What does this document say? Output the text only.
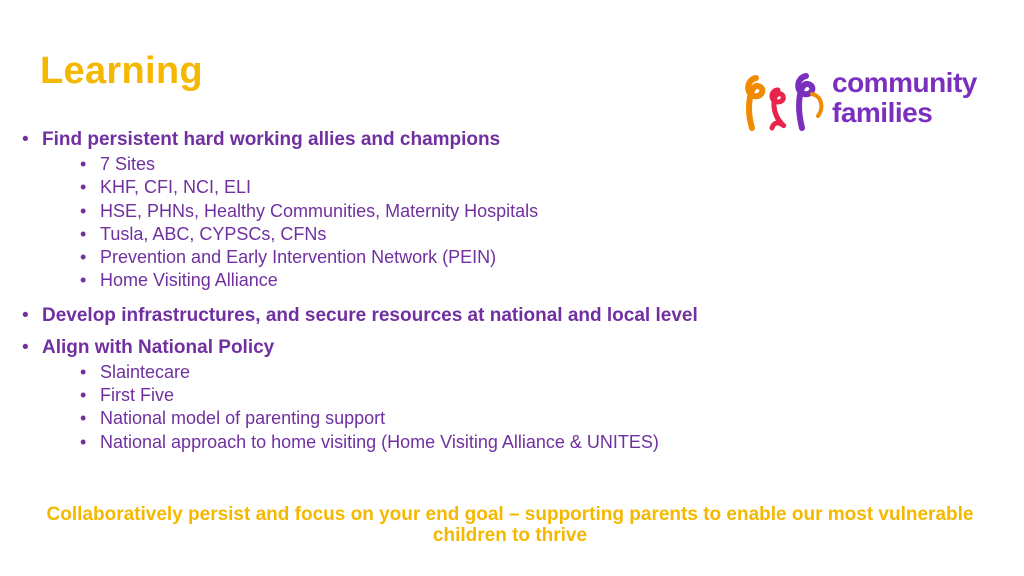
Learning	community
families
• Find persistent hard working allies and champions
• 7 Sites
• KHF, CFI, NCI, ELI
• HSE, PHNs, Healthy Communities, Maternity Hospitals
• Tusla, ABC, CYPSCs, CFNs
• Prevention and Early Intervention Network (PEIN)
• Home Visiting Alliance
• Develop infrastructures, and secure resources at national and local level
• Align with National Policy
• Slaintecare
• First Five
• National model of parenting support
• National approach to home visiting (Home Visiting Alliance & UNITES)
Collaboratively persist and focus on your end goal – supporting parents to enable our most vulnerable children to thrive
